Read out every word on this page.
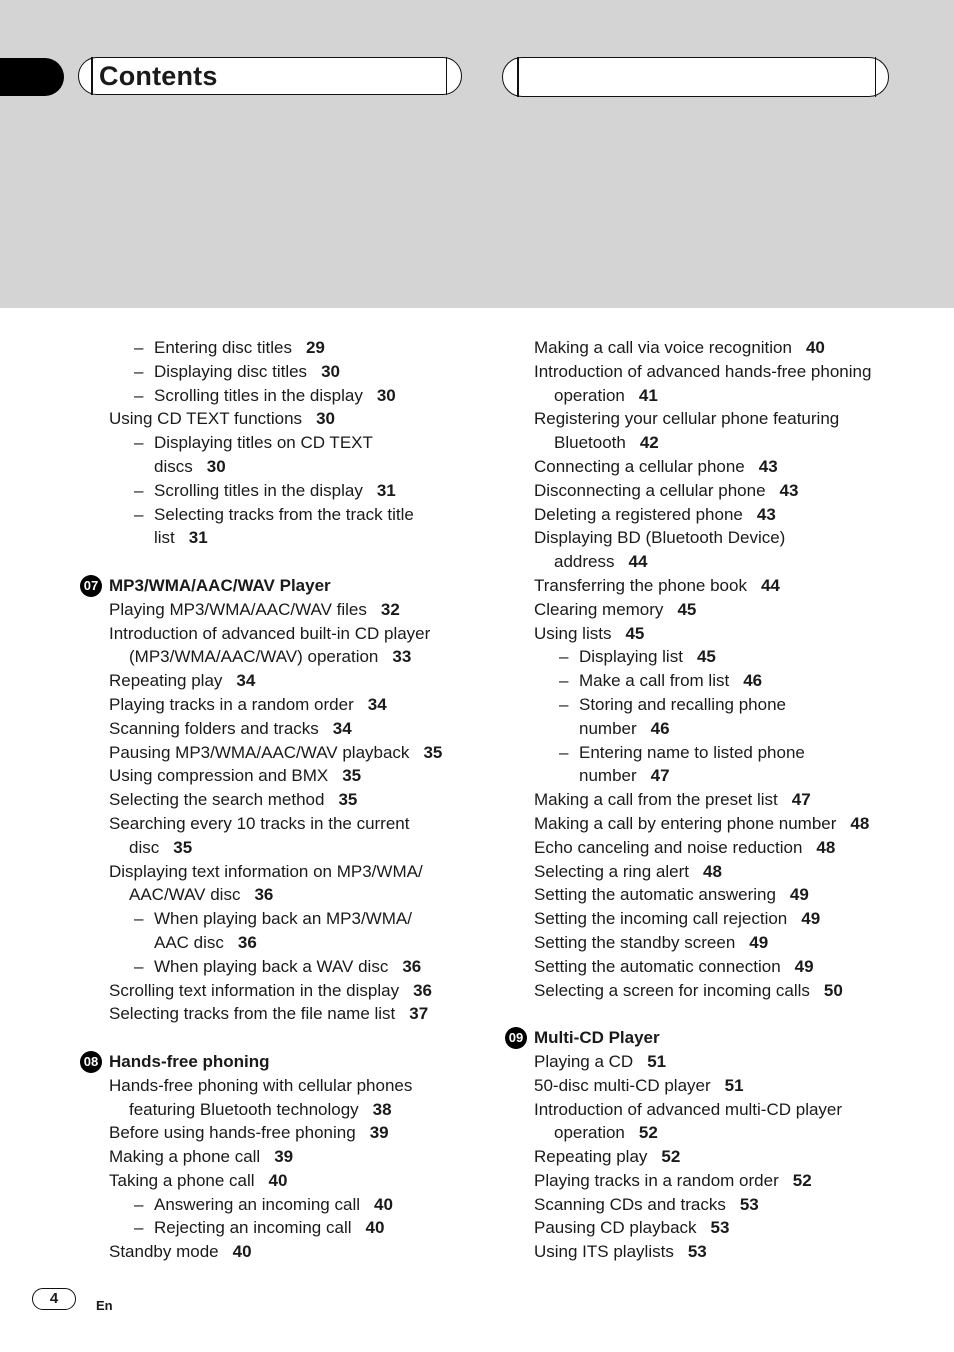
Contents
– Entering disc titles 29
– Displaying disc titles 30
– Scrolling titles in the display 30
Using CD TEXT functions 30
– Displaying titles on CD TEXT
discs 30
– Scrolling titles in the display 31
– Selecting tracks from the track title
list 31
07 MP3/WMA/AAC/WAV Player
Playing MP3/WMA/AAC/WAV files 32
Introduction of advanced built-in CD player
(MP3/WMA/AAC/WAV) operation 33
Repeating play 34
Playing tracks in a random order 34
Scanning folders and tracks 34
Pausing MP3/WMA/AAC/WAV playback 35
Using compression and BMX 35
Selecting the search method 35
Searching every 10 tracks in the current
disc 35
Displaying text information on MP3/WMA/
AAC/WAV disc 36
– When playing back an MP3/WMA/
AAC disc 36
– When playing back a WAV disc 36
Scrolling text information in the display 36
Selecting tracks from the file name list 37
08 Hands-free phoning
Hands-free phoning with cellular phones
featuring Bluetooth technology 38
Before using hands-free phoning 39
Making a phone call 39
Taking a phone call 40
– Answering an incoming call 40
– Rejecting an incoming call 40
Standby mode 40
Making a call via voice recognition 40
Introduction of advanced hands-free phoning
operation 41
Registering your cellular phone featuring
Bluetooth 42
Connecting a cellular phone 43
Disconnecting a cellular phone 43
Deleting a registered phone 43
Displaying BD (Bluetooth Device)
address 44
Transferring the phone book 44
Clearing memory 45
Using lists 45
– Displaying list 45
– Make a call from list 46
– Storing and recalling phone
number 46
– Entering name to listed phone
number 47
Making a call from the preset list 47
Making a call by entering phone number 48
Echo canceling and noise reduction 48
Selecting a ring alert 48
Setting the automatic answering 49
Setting the incoming call rejection 49
Setting the standby screen 49
Setting the automatic connection 49
Selecting a screen for incoming calls 50
09 Multi-CD Player
Playing a CD 51
50-disc multi-CD player 51
Introduction of advanced multi-CD player
operation 52
Repeating play 52
Playing tracks in a random order 52
Scanning CDs and tracks 53
Pausing CD playback 53
Using ITS playlists 53
4	En
